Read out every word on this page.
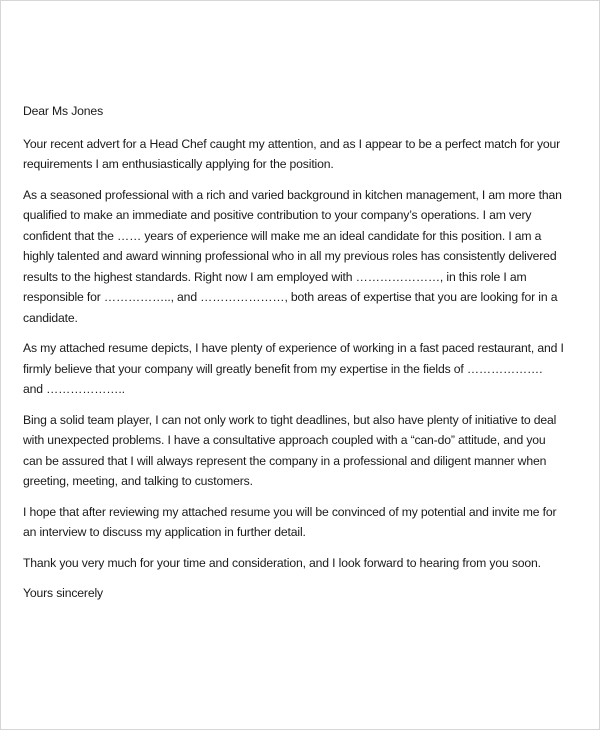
Dear Ms Jones
Your recent advert for a Head Chef caught my attention, and as I appear to be a perfect match for your
requirements I am enthusiastically applying for the position.
As a seasoned professional with a rich and varied background in kitchen management, I am more than
qualified to make an immediate and positive contribution to your company’s operations. I am very
confident that the …… years of experience will make me an ideal candidate for this position. I am a
highly talented and award winning professional who in all my previous roles has consistently delivered
results to the highest standards. Right now I am employed with …………………, in this role I am
responsible for …………….., and …………………, both areas of expertise that you are looking for in a
candidate.
As my attached resume depicts, I have plenty of experience of working in a fast paced restaurant, and I
firmly believe that your company will greatly benefit from my expertise in the fields of ……………….
and ………………..
Bing a solid team player, I can not only work to tight deadlines, but also have plenty of initiative to deal
with unexpected problems. I have a consultative approach coupled with a “can-do” attitude, and you
can be assured that I will always represent the company in a professional and diligent manner when
greeting, meeting, and talking to customers.
I hope that after reviewing my attached resume you will be convinced of my potential and invite me for
an interview to discuss my application in further detail.
Thank you very much for your time and consideration, and I look forward to hearing from you soon.
Yours sincerely
